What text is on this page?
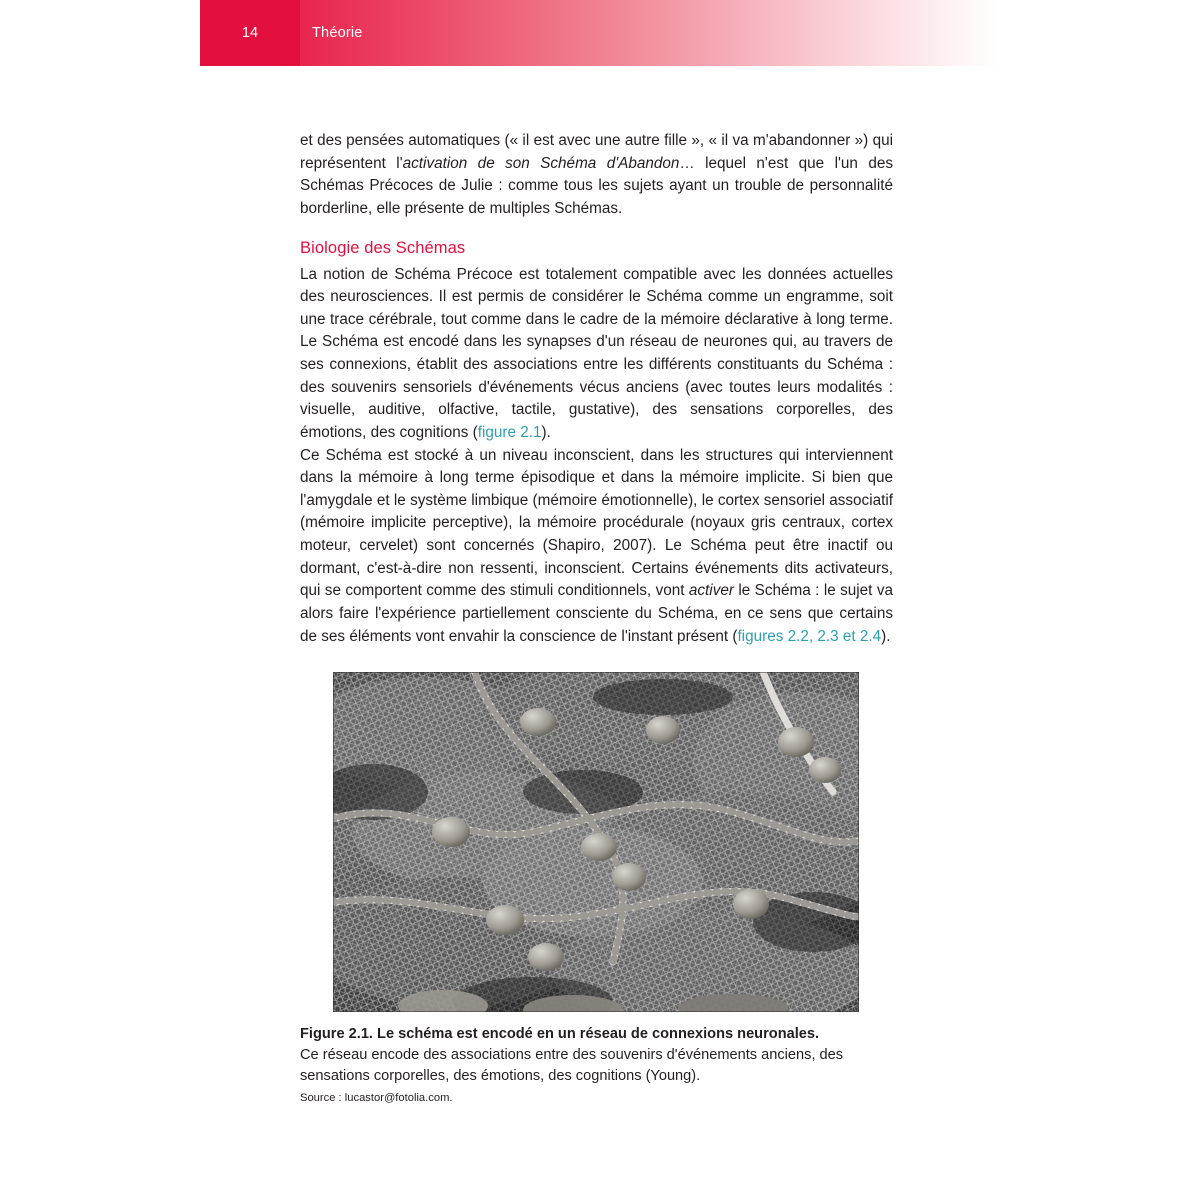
14	Théorie

et des pensées automatiques (« il est avec une autre fille », « il va m'abandonner ») qui représentent l'activation de son Schéma d'Abandon… lequel n'est que l'un des Schémas Précoces de Julie : comme tous les sujets ayant un trouble de personnalité borderline, elle présente de multiples Schémas.

Biologie des Schémas

La notion de Schéma Précoce est totalement compatible avec les données actuelles des neurosciences. Il est permis de considérer le Schéma comme un engramme, soit une trace cérébrale, tout comme dans le cadre de la mémoire déclarative à long terme. Le Schéma est encodé dans les synapses d'un réseau de neurones qui, au travers de ses connexions, établit des associations entre les différents constituants du Schéma : des souvenirs sensoriels d'événements vécus anciens (avec toutes leurs modalités : visuelle, auditive, olfactive, tactile, gustative), des sensations corporelles, des émotions, des cognitions (figure 2.1).

Ce Schéma est stocké à un niveau inconscient, dans les structures qui interviennent dans la mémoire à long terme épisodique et dans la mémoire implicite. Si bien que l'amygdale et le système limbique (mémoire émotionnelle), le cortex sensoriel associatif (mémoire implicite perceptive), la mémoire procédurale (noyaux gris centraux, cortex moteur, cervelet) sont concernés (Shapiro, 2007). Le Schéma peut être inactif ou dormant, c'est-à-dire non ressenti, inconscient. Certains événements dits activateurs, qui se comportent comme des stimuli conditionnels, vont activer le Schéma : le sujet va alors faire l'expérience partiellement consciente du Schéma, en ce sens que certains de ses éléments vont envahir la conscience de l'instant présent (figures 2.2, 2.3 et 2.4).

Figure 2.1. Le schéma est encodé en un réseau de connexions neuronales.

Ce réseau encode des associations entre des souvenirs d'événements anciens, des sensations corporelles, des émotions, des cognitions (Young).

Source : lucastor@fotolia.com.
